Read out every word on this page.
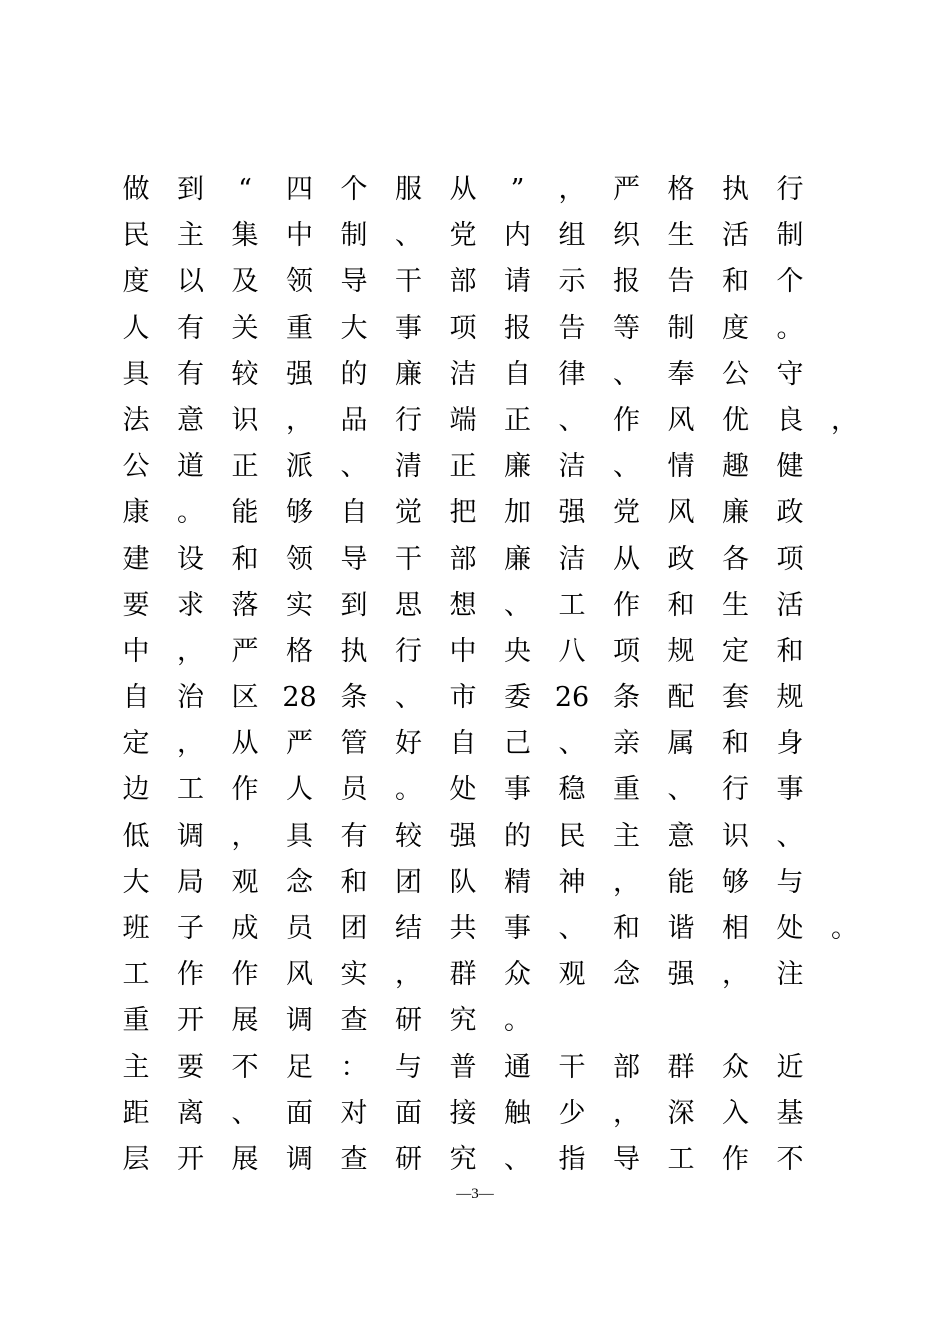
做 到	“	四 个 服 从	”	， 严 格 执 行
民 主 集 中 制 、 党 内 组 织 生 活 制
度 以 及 领 导 干 部 请 示 报 告 和 个
人 有 关 重 大 事 项 报 告 等 制 度 。
具 有 较 强 的 廉 洁 自 律 、 奉 公 守
法 意 识 ， 品 行 端 正 、 作 风 优 良 ，
公 道 正 派 、 清 正 廉 洁 、 情 趣 健
康 。 能 够 自 觉 把 加 强 党 风 廉 政
建 设 和 领 导 干 部 廉 洁 从 政 各 项
要 求 落 实 到 思 想 、 工 作 和 生 活
中 ， 严 格 执 行 中 央 八 项 规 定 和
自 治 区 28 条 、 市 委 26 条 配 套 规
定 ， 从 严 管 好 自 己 、 亲 属 和 身
边 工 作 人 员 。 处 事 稳 重 、 行 事
低 调 ， 具 有 较 强 的 民 主 意 识 、
大 局 观 念 和 团 队 精 神 ， 能 够 与
班 子 成 员 团 结 共 事 、 和 谐 相 处 。
工 作 作 风 实 ， 群 众 观 念 强 ， 注
重 开 展 调 查 研 究 。
主 要 不 足 ： 与 普 通 干 部 群 众 近
距 离 、 面 对 面 接 触 少 ， 深 入 基
层 开 展 调 查 研 究 、 指 导 工 作 不
—3—
